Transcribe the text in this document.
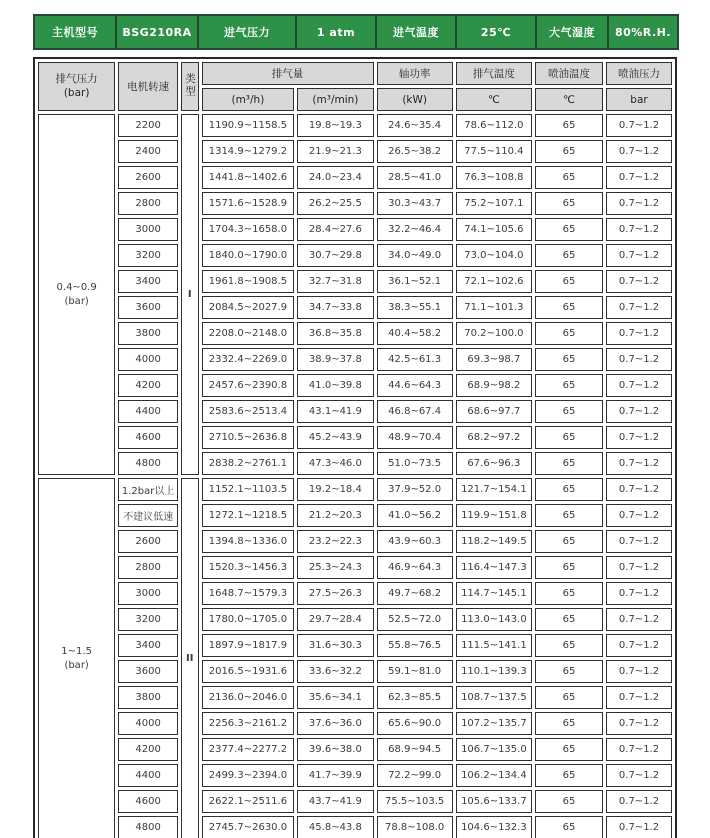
主机型号	BSG210RA	进气压力	1 atm	进气温度	25℃	大气湿度	80%R.H.
排气压力
(bar)	电机转速	类型	排气量		轴功率	排气温度	喷油温度	喷油压力
			(m³/h)	(m³/min)	(kW)	℃	℃	bar

0.4~0.9
(bar)	2200	I	1190.9~1158.5	19.8~19.3	24.6~35.4	78.6~112.0	65	0.7~1.2
	2400		1314.9~1279.2	21.9~21.3	26.5~38.2	77.5~110.4	65	0.7~1.2
	2600		1441.8~1402.6	24.0~23.4	28.5~41.0	76.3~108.8	65	0.7~1.2
	2800		1571.6~1528.9	26.2~25.5	30.3~43.7	75.2~107.1	65	0.7~1.2
	3000		1704.3~1658.0	28.4~27.6	32.2~46.4	74.1~105.6	65	0.7~1.2
	3200		1840.0~1790.0	30.7~29.8	34.0~49.0	73.0~104.0	65	0.7~1.2
	3400		1961.8~1908.5	32.7~31.8	36.1~52.1	72.1~102.6	65	0.7~1.2
	3600		2084.5~2027.9	34.7~33.8	38.3~55.1	71.1~101.3	65	0.7~1.2
	3800		2208.0~2148.0	36.8~35.8	40.4~58.2	70.2~100.0	65	0.7~1.2
	4000		2332.4~2269.0	38.9~37.8	42.5~61.3	69.3~98.7	65	0.7~1.2
	4200		2457.6~2390.8	41.0~39.8	44.6~64.3	68.9~98.2	65	0.7~1.2
	4400		2583.6~2513.4	43.1~41.9	46.8~67.4	68.6~97.7	65	0.7~1.2
	4600		2710.5~2636.8	45.2~43.9	48.9~70.4	68.2~97.2	65	0.7~1.2
	4800		2838.2~2761.1	47.3~46.0	51.0~73.5	67.6~96.3	65	0.7~1.2

1~1.5
(bar)	1.2bar以上	II	1152.1~1103.5	19.2~18.4	37.9~52.0	121.7~154.1	65	0.7~1.2
	不建议低速		1272.1~1218.5	21.2~20.3	41.0~56.2	119.9~151.8	65	0.7~1.2
	2600		1394.8~1336.0	23.2~22.3	43.9~60.3	118.2~149.5	65	0.7~1.2
	2800		1520.3~1456.3	25.3~24.3	46.9~64.3	116.4~147.3	65	0.7~1.2
	3000		1648.7~1579.3	27.5~26.3	49.7~68.2	114.7~145.1	65	0.7~1.2
	3200		1780.0~1705.0	29.7~28.4	52.5~72.0	113.0~143.0	65	0.7~1.2
	3400		1897.9~1817.9	31.6~30.3	55.8~76.5	111.5~141.1	65	0.7~1.2
	3600		2016.5~1931.6	33.6~32.2	59.1~81.0	110.1~139.3	65	0.7~1.2
	3800		2136.0~2046.0	35.6~34.1	62.3~85.5	108.7~137.5	65	0.7~1.2
	4000		2256.3~2161.2	37.6~36.0	65.6~90.0	107.2~135.7	65	0.7~1.2
	4200		2377.4~2277.2	39.6~38.0	68.9~94.5	106.7~135.0	65	0.7~1.2
	4400		2499.3~2394.0	41.7~39.9	72.2~99.0	106.2~134.4	65	0.7~1.2
	4600		2622.1~2511.6	43.7~41.9	75.5~103.5	105.6~133.7	65	0.7~1.2
	4800		2745.7~2630.0	45.8~43.8	78.8~108.0	104.6~132.3	65	0.7~1.2
